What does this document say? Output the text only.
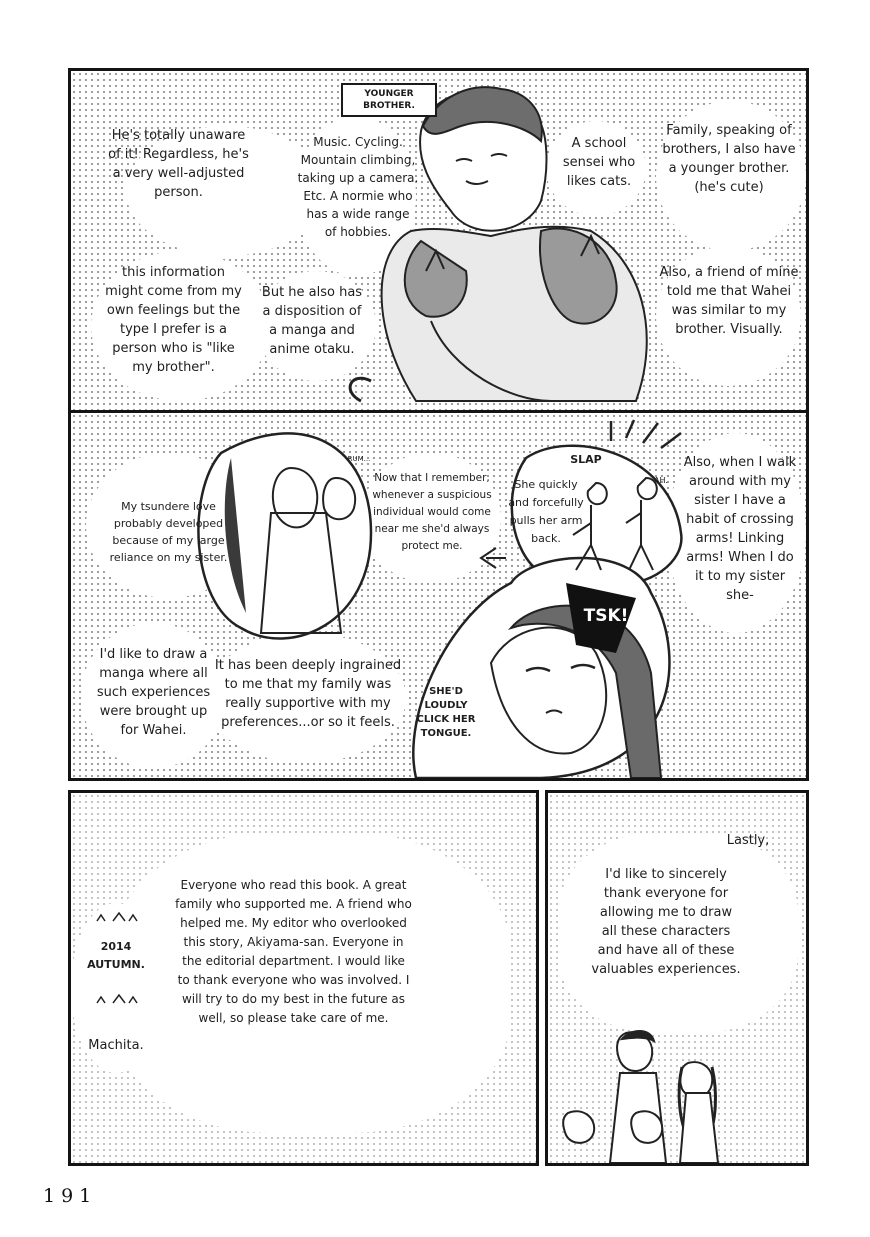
YOUNGER BROTHER.
He's totally unaware
of it! Regardless, he's
a very well-adjusted
person.
this information
might come from my
own feelings but the
type I prefer is a
person who is "like
my brother".
Music. Cycling.
Mountain climbing,
taking up a camera.
Etc. A normie who
has a wide range
of hobbies.
But he also has
a disposition of
a manga and
anime otaku.
A school
sensei who
likes cats.
Family, speaking of
brothers, I also have
a younger brother.
(he's cute)
Also, a friend of mine
told me that Wahei
was similar to my
brother. Visually.
My tsundere love
probably developed
because of my large
reliance on my sister.
Now that I remember,
whenever a suspicious
individual would come
near me she'd always
protect me.
RUM...
She quickly
and forcefully
pulls her arm
back.
SLAP
AH.
Also, when I walk
around with my
sister I have a
habit of crossing
arms! Linking
arms! When I do
it to my sister
she-
I'd like to draw a
manga where all
such experiences
were brought up
for Wahei.
It has been deeply ingrained
to me that my family was
really supportive with my
preferences...or so it feels.
TSK!
SHE'D
LOUDLY
CLICK HER
TONGUE.
2014
AUTUMN.
Machita.
Everyone who read this book. A great
family who supported me. A friend who
helped me. My editor who overlooked
this story, Akiyama-san. Everyone in
the editorial department. I would like
to thank everyone who was involved. I
will try to do my best in the future as
well, so please take care of me.
Lastly,
I'd like to sincerely
thank everyone for
allowing me to draw
all these characters
and have all of these
valuables experiences.
191
